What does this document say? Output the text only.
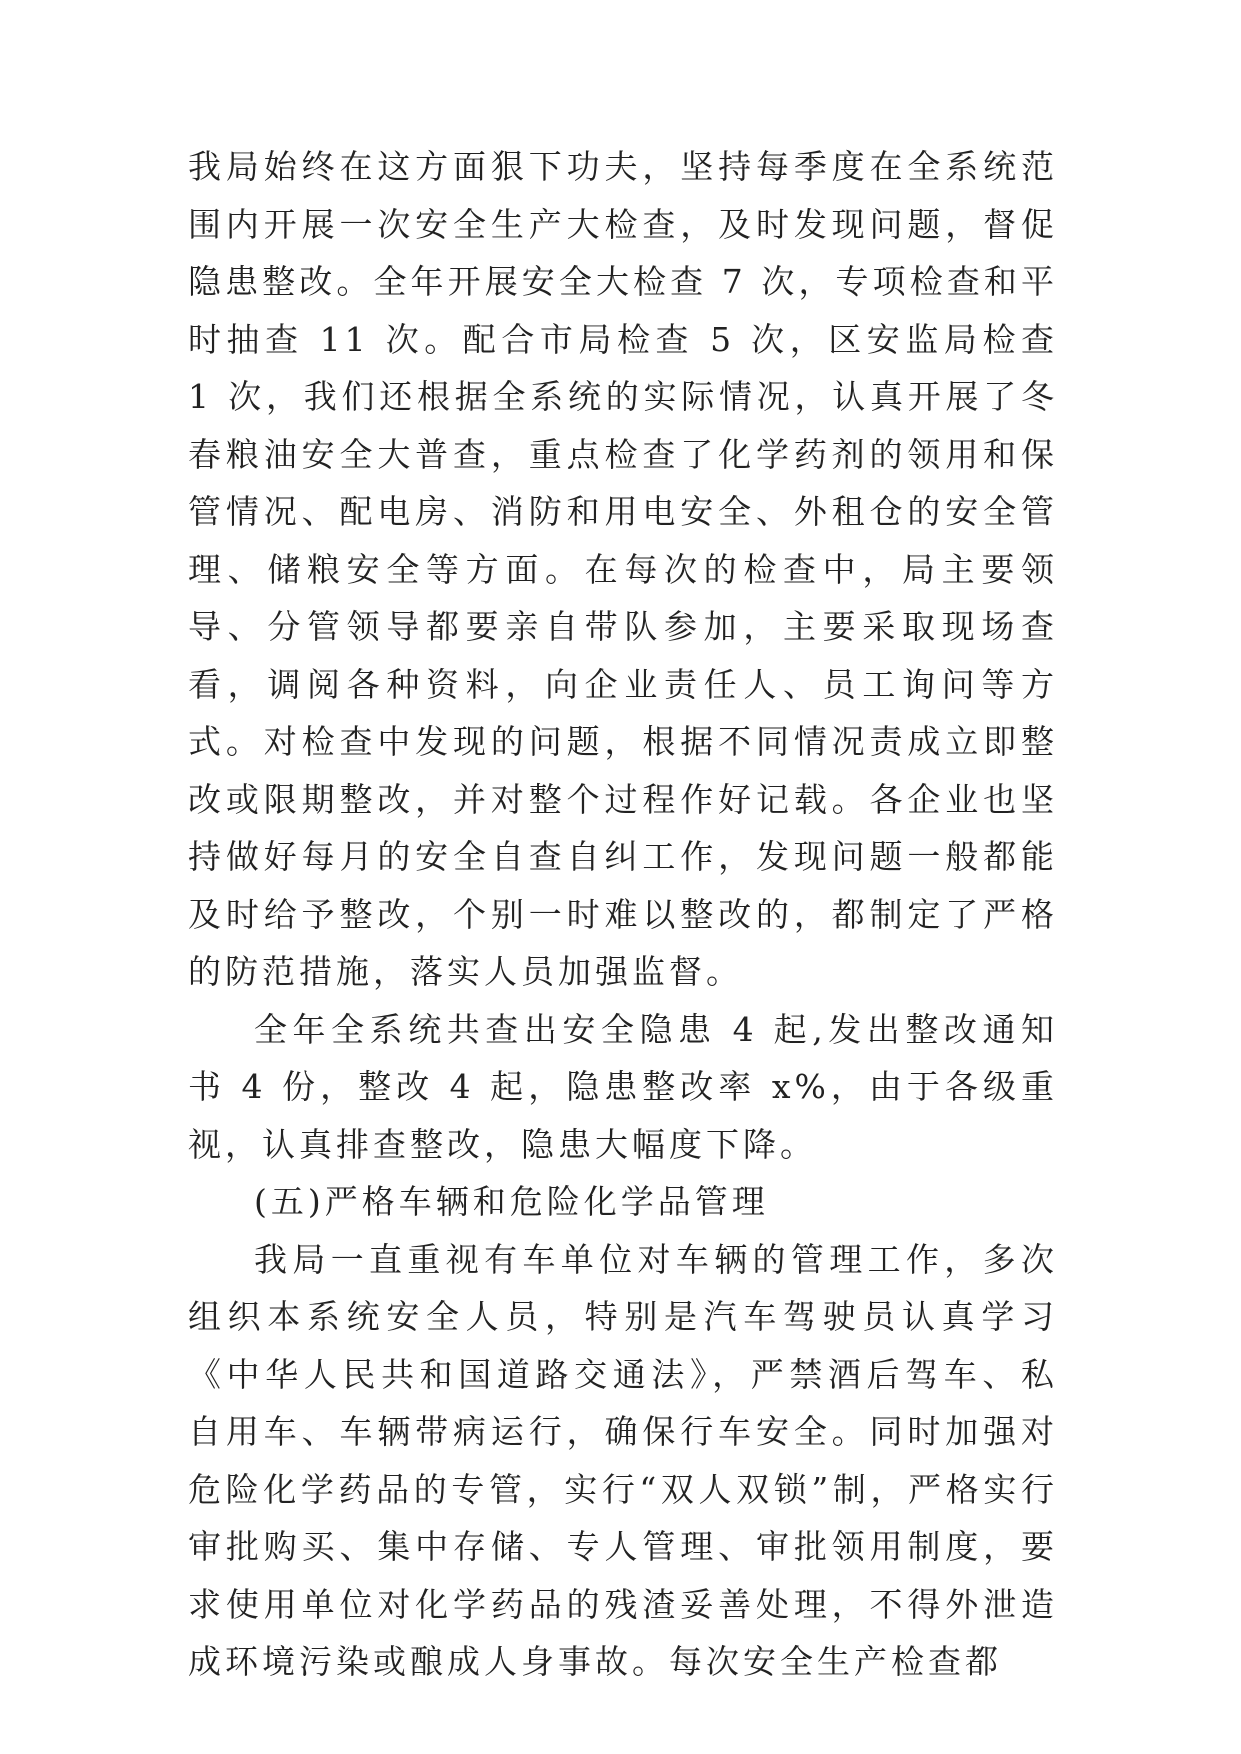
我局始终在这方面狠下功夫，坚持每季度在全系统范围内开展一次安全生产大检查，及时发现问题，督促隐患整改。全年开展安全大检查 7 次，专项检查和平时抽查 11 次。配合市局检查 5 次，区安监局检查 1 次，我们还根据全系统的实际情况，认真开展了冬春粮油安全大普查，重点检查了化学药剂的领用和保管情况、配电房、消防和用电安全、外租仓的安全管理、储粮安全等方面。在每次的检查中，局主要领导、分管领导都要亲自带队参加，主要采取现场查看，调阅各种资料，向企业责任人、员工询问等方式。对检查中发现的问题，根据不同情况责成立即整改或限期整改，并对整个过程作好记载。各企业也坚持做好每月的安全自查自纠工作，发现问题一般都能及时给予整改，个别一时难以整改的，都制定了严格的防范措施，落实人员加强监督。

全年全系统共查出安全隐患 4 起,发出整改通知书 4 份，整改 4 起，隐患整改率 x%，由于各级重视，认真排查整改，隐患大幅度下降。

(五)严格车辆和危险化学品管理

我局一直重视有车单位对车辆的管理工作，多次组织本系统安全人员，特别是汽车驾驶员认真学习《中华人民共和国道路交通法》，严禁酒后驾车、私自用车、车辆带病运行，确保行车安全。同时加强对危险化学药品的专管，实行“双人双锁”制，严格实行审批购买、集中存储、专人管理、审批领用制度，要求使用单位对化学药品的残渣妥善处理，不得外泄造成环境污染或酿成人身事故。每次安全生产检查都
